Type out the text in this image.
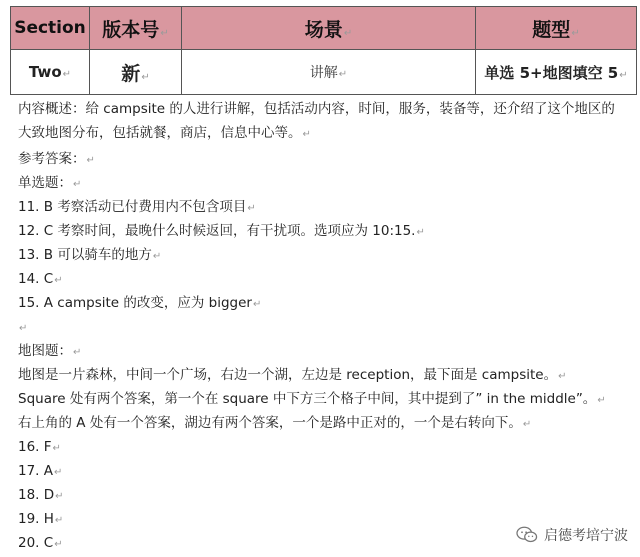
Section	版本号↵	场景↵	题型↵
Two↵	新↵	讲解↵	单选 5+地图填空 5↵
内容概述：给 campsite 的人进行讲解，包括活动内容，时间，服务，装备等，还介绍了这个地区的大致地图分布，包括就餐，商店，信息中心等。↵
参考答案：↵
单选题：↵
11. B 考察活动已付费用内不包含项目↵
12. C 考察时间，最晚什么时候返回，有干扰项。选项应为 10:15.↵
13. B 可以骑车的地方↵
14. C↵
15. A campsite 的改变，应为 bigger↵
↵
地图题：↵
地图是一片森林，中间一个广场，右边一个湖，左边是 reception，最下面是 campsite。↵
Square 处有两个答案，第一个在 square 中下方三个格子中间，其中提到了” in the middle”。↵
右上角的 A 处有一个答案，湖边有两个答案，一个是路中正对的，一个是右转向下。↵
16. F↵
17. A↵
18. D↵
19. H↵
20. C↵
启德考培宁波
